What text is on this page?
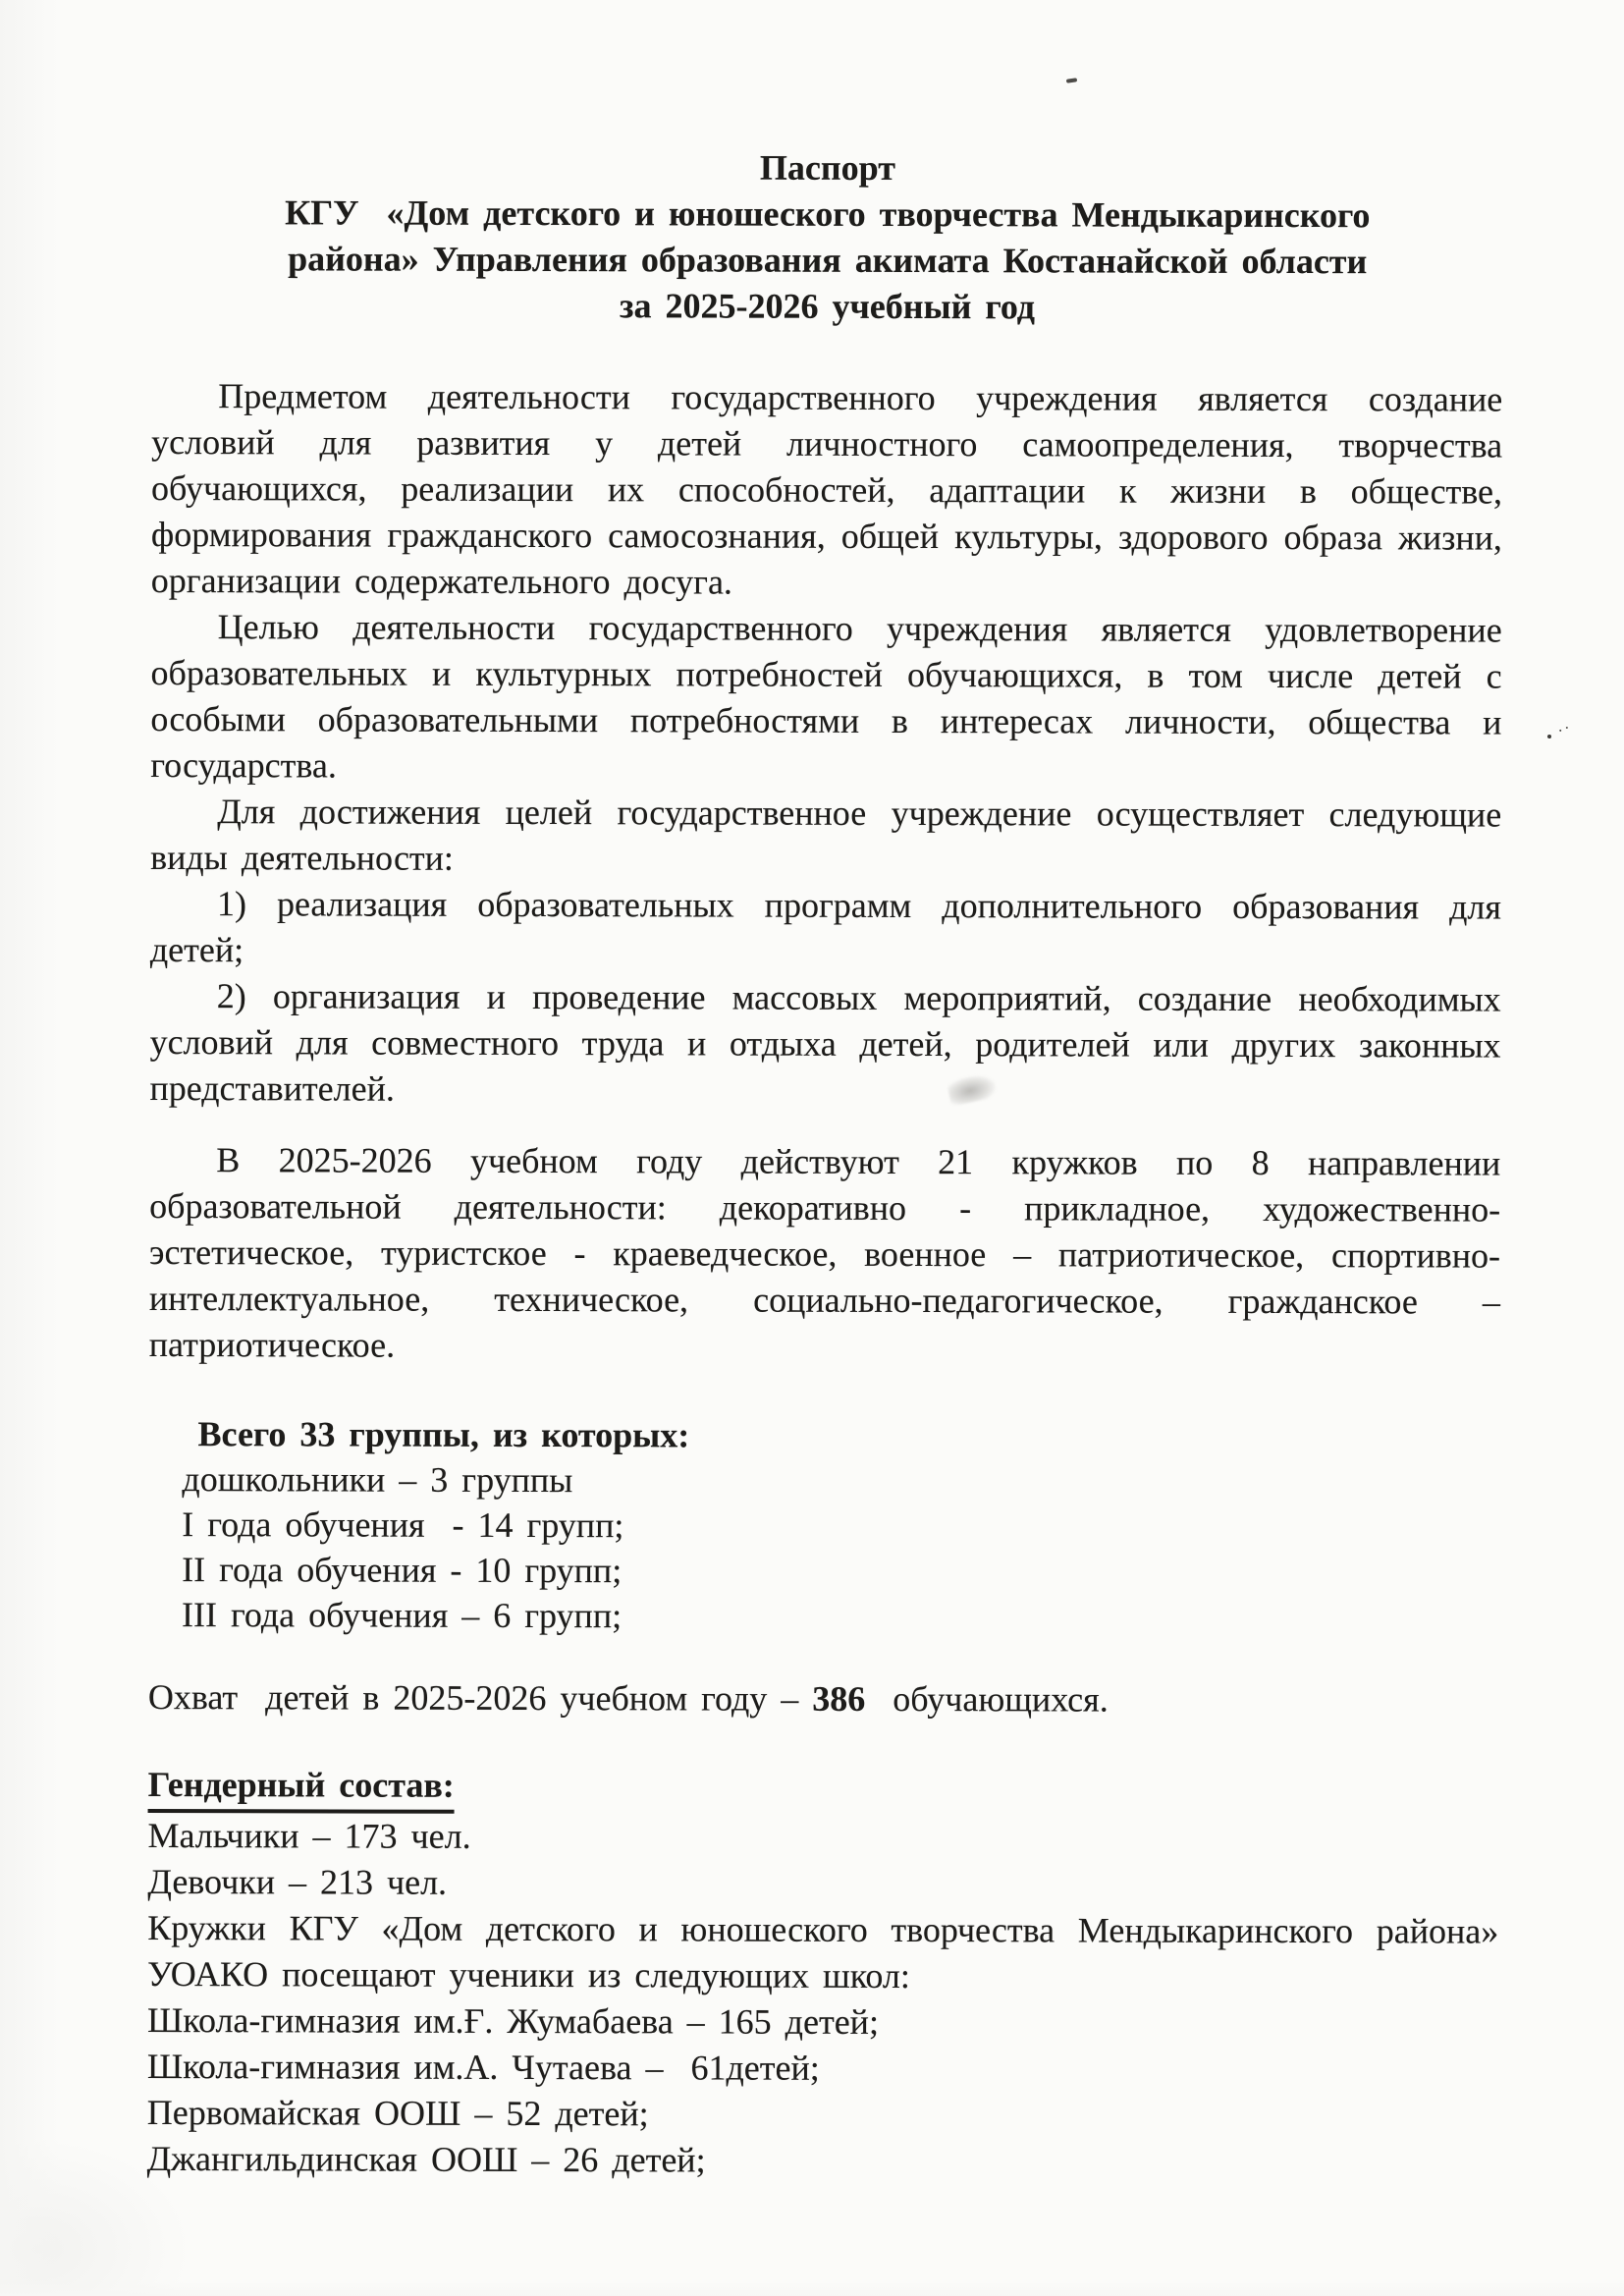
Паспорт
КГУ  «Дом детского и юношеского творчества Мендыкаринского
района» Управления образования акимата Костанайской области
за 2025-2026 учебный год

Предметом деятельности государственного учреждения является создание условий для развития у детей личностного самоопределения, творчества обучающихся, реализации их способностей, адаптации к жизни в обществе, формирования гражданского самосознания, общей культуры, здорового образа жизни, организации содержательного досуга.

Целью деятельности государственного учреждения является удовлетворение образовательных и культурных потребностей обучающихся, в том числе детей с особыми образовательными потребностями в интересах личности, общества и государства.

Для достижения целей государственное учреждение осуществляет следующие виды деятельности:

1) реализация образовательных программ дополнительного образования для детей;

2) организация и проведение массовых мероприятий, создание необходимых условий для совместного труда и отдыха детей, родителей или других законных представителей.

В 2025-2026 учебном году действуют 21 кружков по 8 направлении образовательной деятельности: декоративно - прикладное, художественно-эстетическое, туристское - краеведческое, военное – патриотическое, спортивно-интеллектуальное, техническое, социально-педагогическое, гражданское – патриотическое.

Всего 33 группы, из которых:
дошкольники – 3 группы
I года обучения  - 14 групп;
II года обучения - 10 групп;
III года обучения – 6 групп;
Охват  детей в 2025-2026 учебном году – 386  обучающихся.
Гендерный состав:
Мальчики – 173 чел.
Девочки – 213 чел.

Кружки КГУ «Дом детского и юношеского творчества Мендыкаринского района» УОАКО посещают ученики из следующих школ:

Школа-гимназия им.Ғ. Жумабаева – 165 детей;
Школа-гимназия им.А. Чутаева –  61детей;
Первомайская ООШ – 52 детей;
Джангильдинская ООШ – 26 детей;
